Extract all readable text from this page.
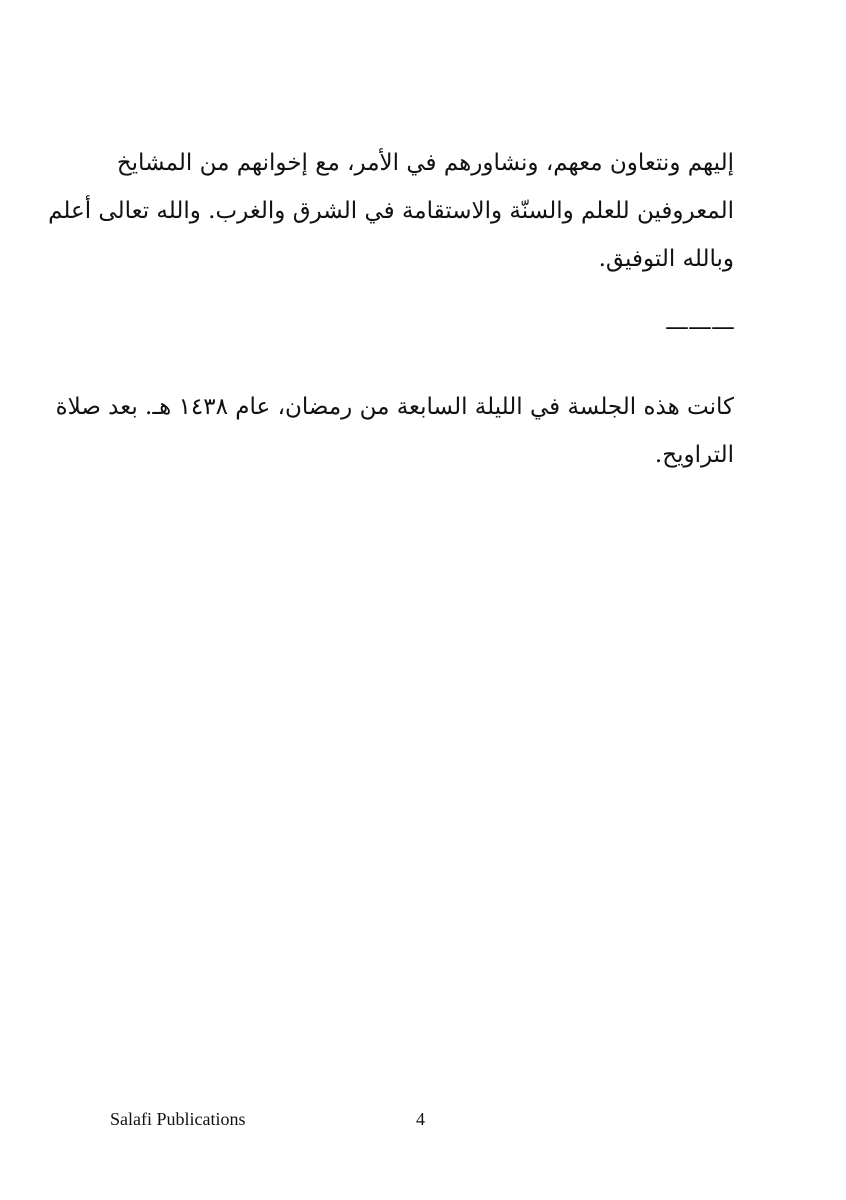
إليهم ونتعاون معهم، ونشاورهم في الأمر، مع إخوانهم من المشايخ
المعروفين للعلم والسنّة والاستقامة في الشرق والغرب. والله تعالى أعلم
وبالله التوفيق.
———
كانت هذه الجلسة في الليلة السابعة من رمضان، عام ١٤٣٨ هـ. بعد صلاة
التراويح.
Salafi Publications	4
